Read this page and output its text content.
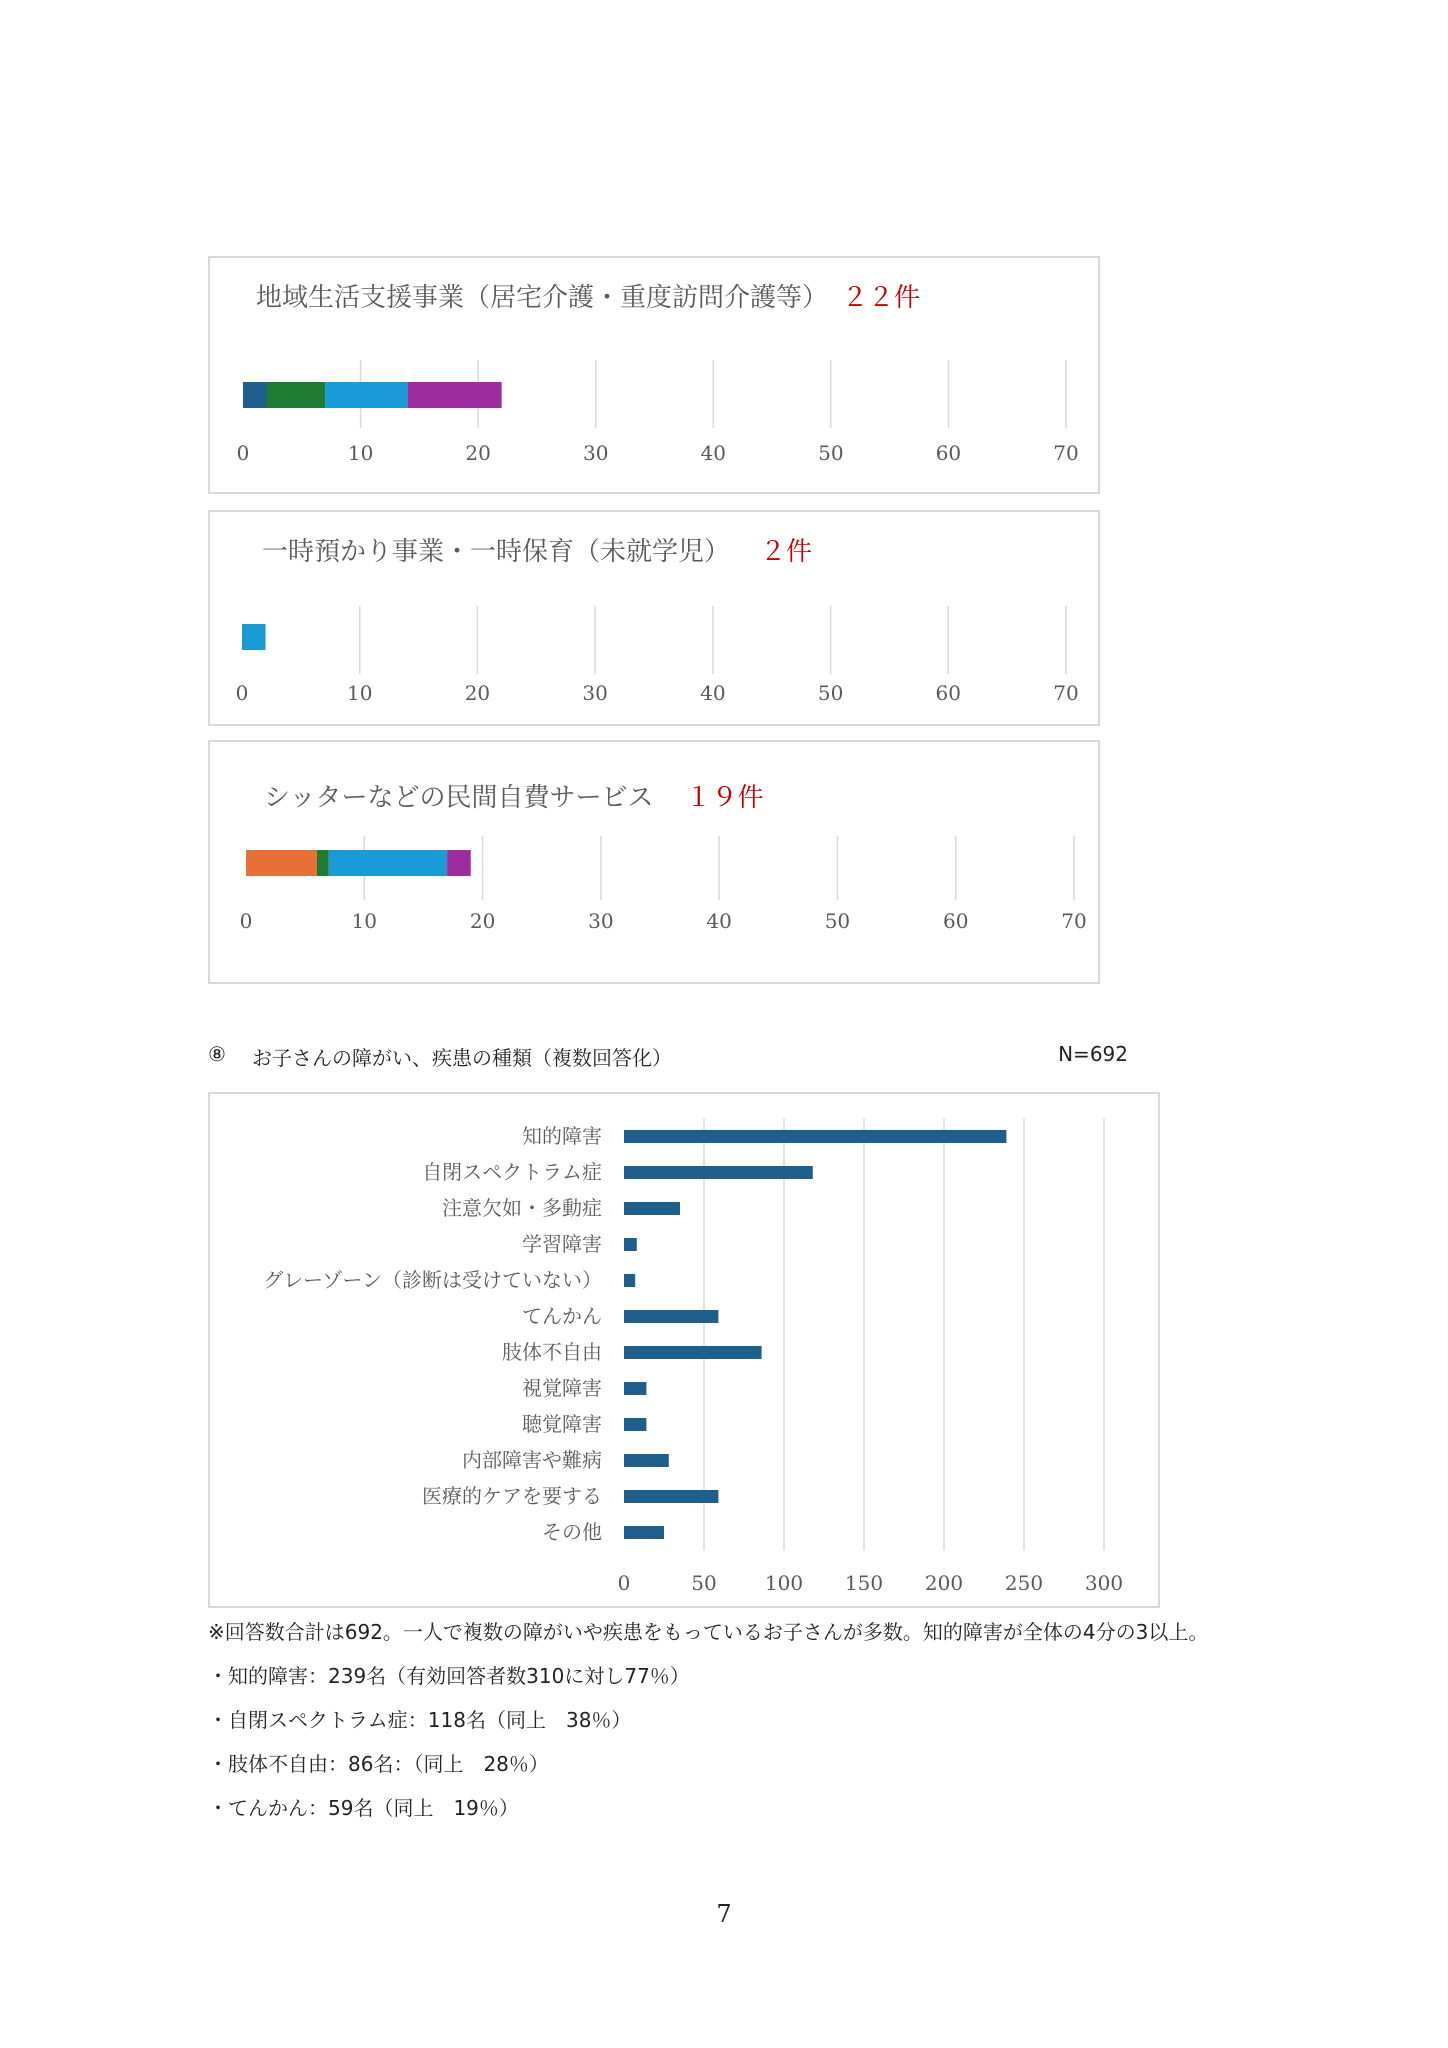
0	10	20	30	40	50	60	70
地域生活支援事業（居宅介護・重度訪問介護等） ２２件
0	10	20	30	40	50	60	70
一時預かり事業・一時保育（未就学児） ２件
0	10	20	30	40	50	60	70
シッターなどの民間自費サービス １９件
⑧ お子さんの障がい、疾患の種類（複数回答化）	N=692
0	50 100 150 200 250 300
知的障害
自閉スペクトラム症
注意欠如・多動症
学習障害
グレーゾーン（診断は受けていない）
てんかん
肢体不自由
視覚障害
聴覚障害
内部障害や難病
医療的ケアを要する
その他
※回答数合計は692。一人で複数の障がいや疾患をもっているお子さんが多数。知的障害が全体の4分の3以上。
・知的障害：239名（有効回答者数310に対し77％）
・自閉スペクトラム症：118名（同上　38％）
・肢体不自由：86名：（同上　28％）
・てんかん：59名（同上　19％）
7
